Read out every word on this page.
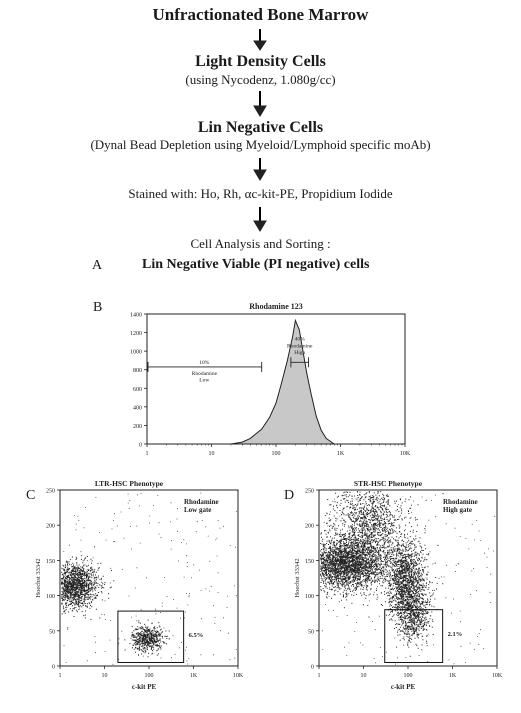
Unfractionated Bone Marrow
Light Density Cells
(using Nycodenz, 1.080g/cc)
Lin Negative Cells
(Dynal Bead Depletion using Myeloid/Lymphoid specific moAb)
Stained with: Ho, Rh, αc-kit-PE, Propidium Iodide
Cell Analysis and Sorting :
A	Lin Negative Viable (PI negative) cells
B	Rhodamine 123
0
200
400
600
800
1000
1200
1400
1	10	100	1K	10K
10%
Rhodamine
Low
40%
Rhodamine
High
C
LTR-HSC Phenotype
0
50
100
150
200
250
1	10	100	1K	10K
c-kit PE
Hoechst 33342
6.5%
Rhodamine
Low gate
D
STR-HSC Phenotype
0
50
100
150
200
250
1	10	100	1K	10K
c-kit PE
Hoechst 33342
2.1%
Rhodamine
High gate
